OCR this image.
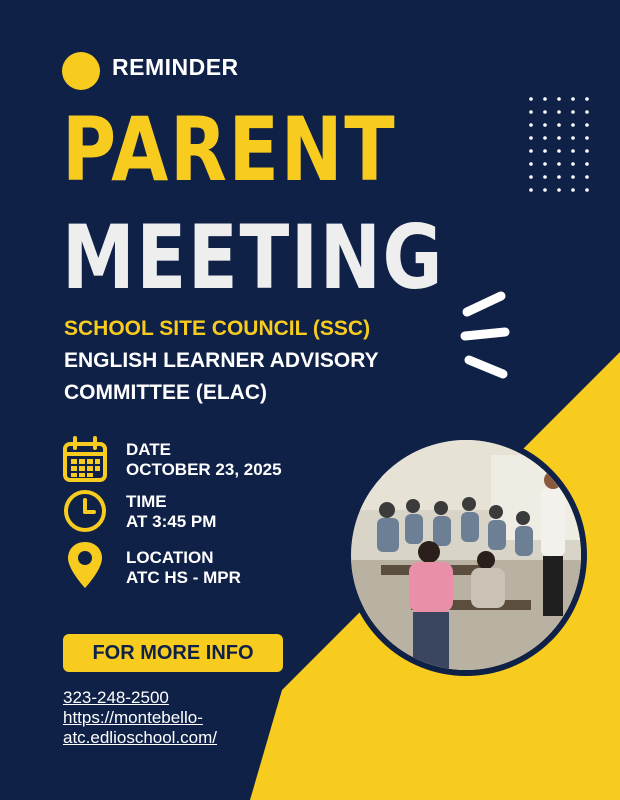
REMINDER
PARENT
MEETING
SCHOOL SITE COUNCIL (SSC)
ENGLISH LEARNER ADVISORY
COMMITTEE (ELAC)
DATE
OCTOBER 23, 2025
TIME
AT 3:45 PM
LOCATION
ATC HS - MPR
FOR MORE INFO
323-248-2500
https://montebello-
atc.edlioschool.com/
